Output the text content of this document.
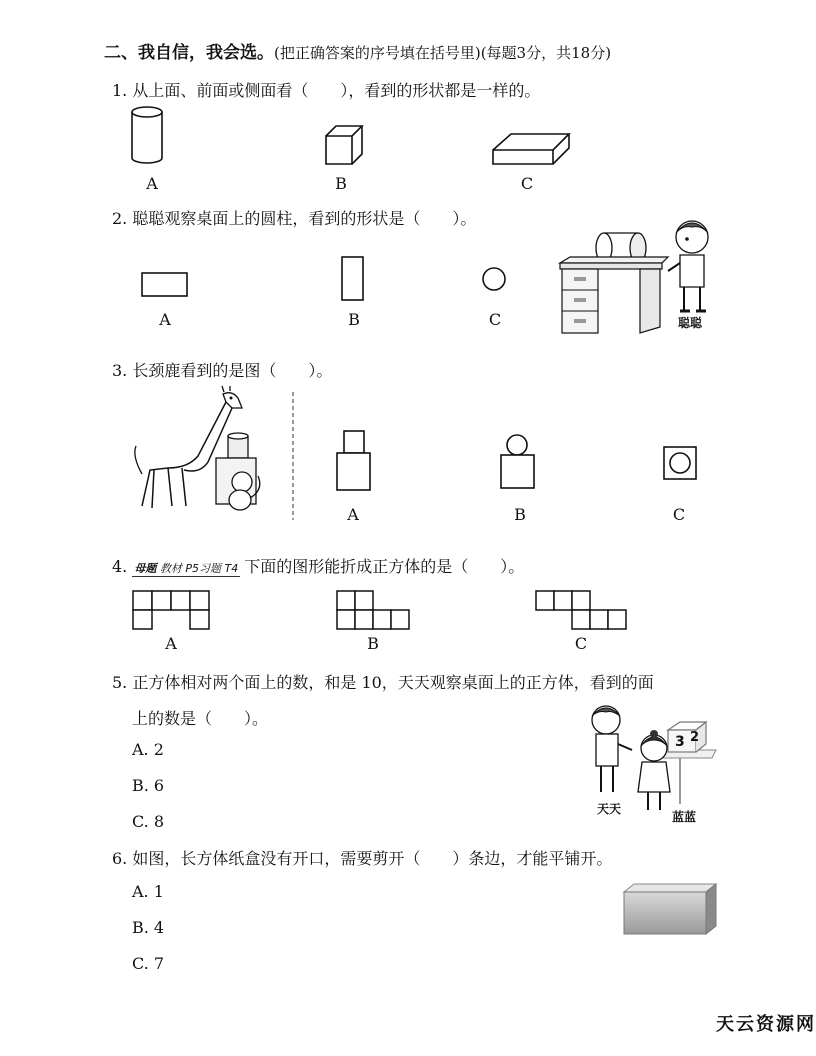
二、我自信，我会选。(把正确答案的序号填在括号里)(每题3分，共18分)
1. 从上面、前面或侧面看（　　），看到的形状都是一样的。
A	B	C
2. 聪聪观察桌面上的圆柱，看到的形状是（　　）。
A	B	C	聪聪
3. 长颈鹿看到的是图（　　）。
A	B	C
4. 母题 教材 P5习题 T4 下面的图形能折成正方体的是（　　）。
A	B	C
5. 正方体相对两个面上的数，和是 10，天天观察桌面上的正方体，看到的面
上的数是（　　）。
A. 2
B. 6
C. 8
3 2
天天
蓝蓝
6. 如图，长方体纸盒没有开口，需要剪开（　　）条边，才能平铺开。
A. 1
B. 4
C. 7
天云资源网
